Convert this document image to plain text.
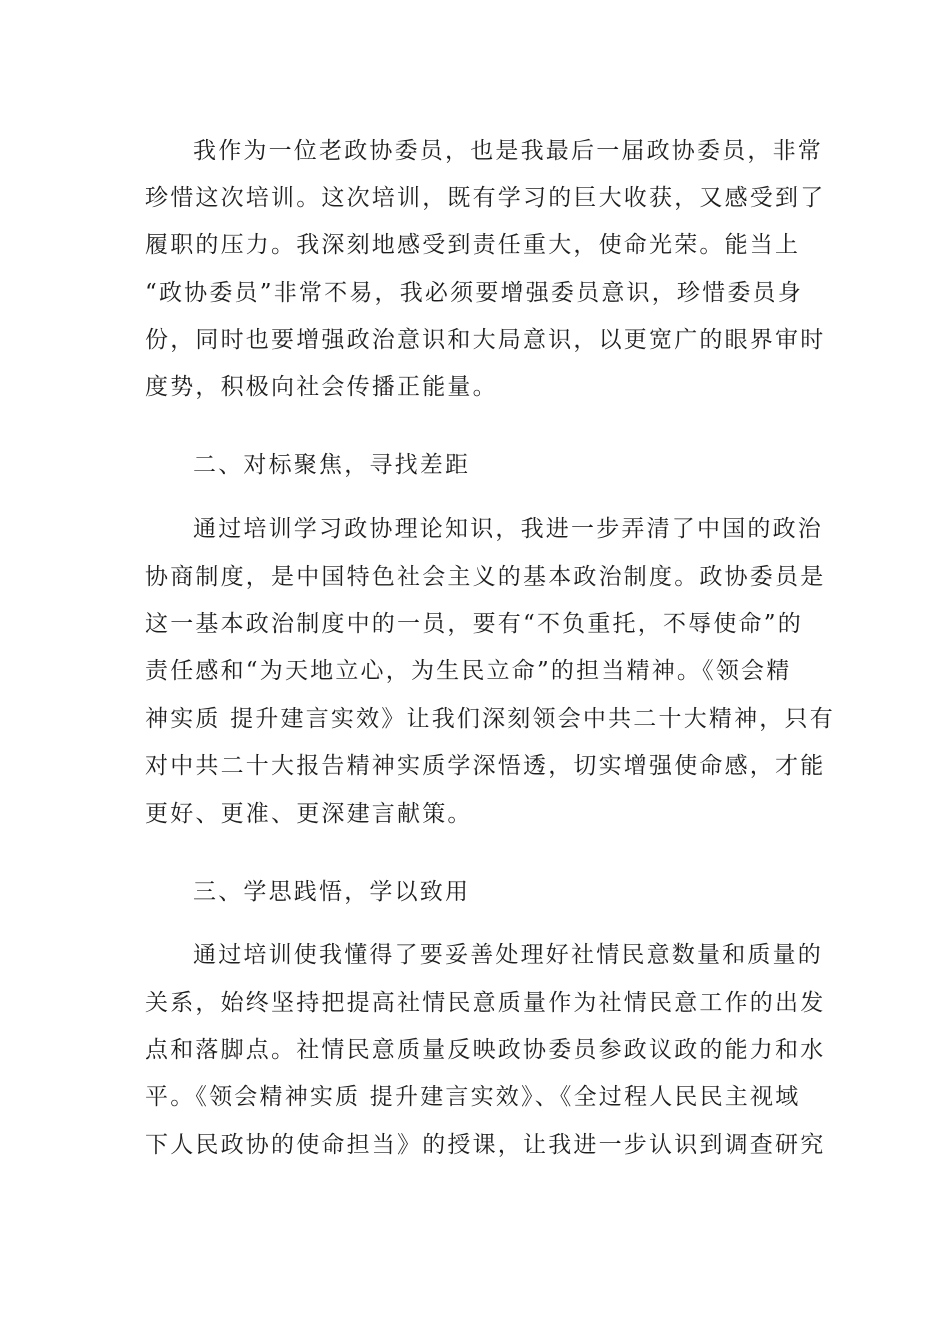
我作为一位老政协委员，也是我最后一届政协委员，非常
珍惜这次培训。这次培训，既有学习的巨大收获，又感受到了
履职的压力。我深刻地感受到责任重大，使命光荣。能当上
“政协委员”非常不易，我必须要增强委员意识，珍惜委员身
份，同时也要增强政治意识和大局意识，以更宽广的眼界审时
度势，积极向社会传播正能量。
二、对标聚焦，寻找差距
通过培训学习政协理论知识，我进一步弄清了中国的政治
协商制度，是中国特色社会主义的基本政治制度。政协委员是
这一基本政治制度中的一员，要有“不负重托，不辱使命”的
责任感和“为天地立心，为生民立命”的担当精神。《领会精
神实质 提升建言实效》让我们深刻领会中共二十大精神，只有
对中共二十大报告精神实质学深悟透，切实增强使命感，才能
更好、更准、更深建言献策。
三、学思践悟，学以致用
通过培训使我懂得了要妥善处理好社情民意数量和质量的
关系，始终坚持把提高社情民意质量作为社情民意工作的出发
点和落脚点。社情民意质量反映政协委员参政议政的能力和水
平。《领会精神实质 提升建言实效》、《全过程人民民主视域
下人民政协的使命担当》的授课，让我进一步认识到调查研究
